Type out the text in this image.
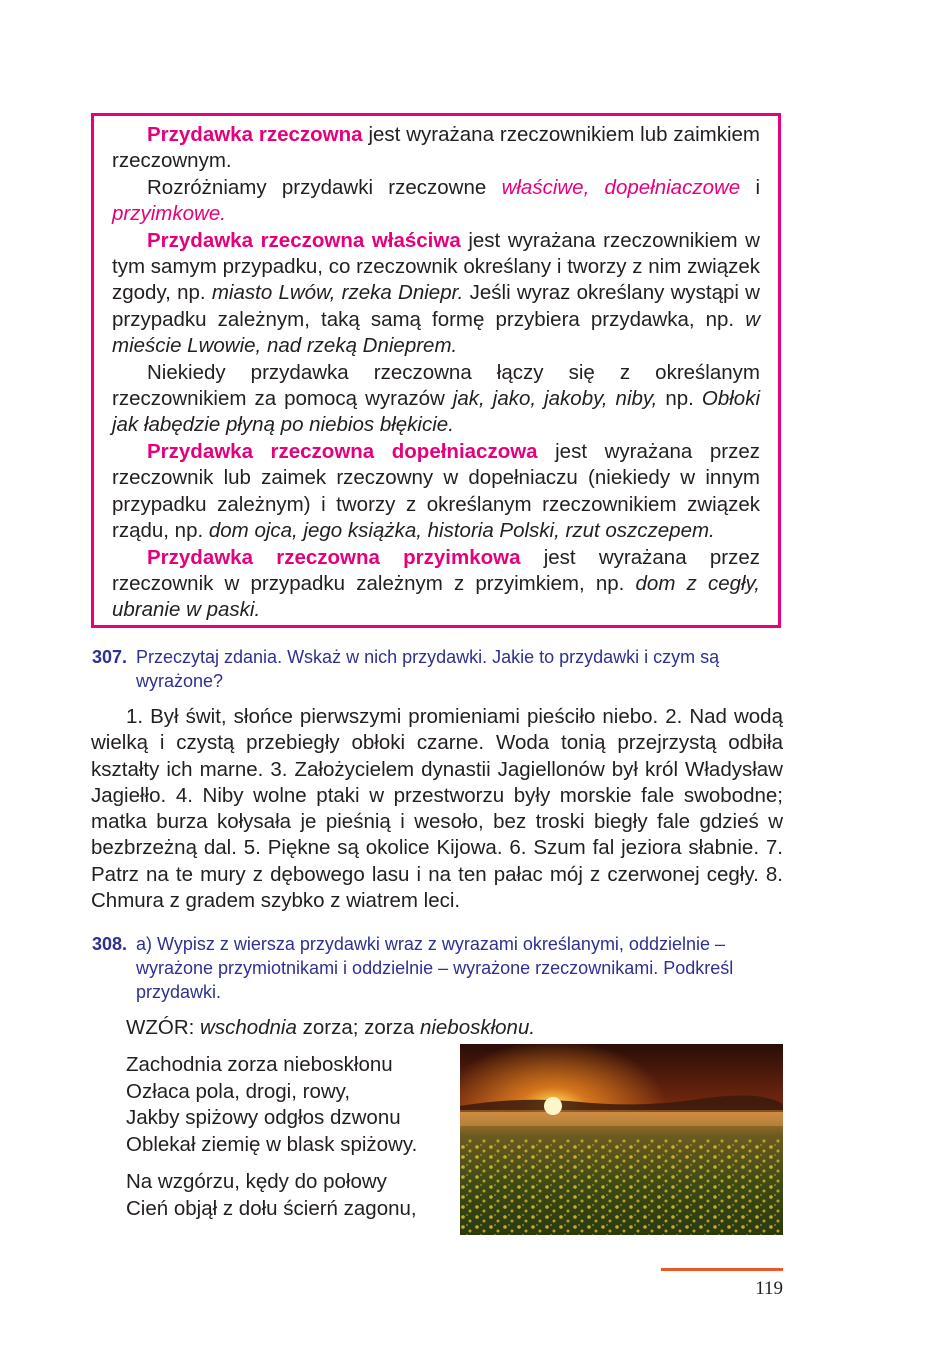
Przydawka rzeczowna jest wyrażana rzeczownikiem lub zaimkiem rzeczownym.

Rozróżniamy przydawki rzeczowne właściwe, dopełniaczowe i przyimkowe.

Przydawka rzeczowna właściwa jest wyrażana rzeczownikiem w tym samym przypadku, co rzeczownik określany i tworzy z nim związek zgody, np. miasto Lwów, rzeka Dniepr. Jeśli wyraz określany wystąpi w przypadku zależnym, taką samą formę przybiera przydawka, np. w mieście Lwowie, nad rzeką Dnieprem.

Niekiedy przydawka rzeczowna łączy się z określanym rzeczownikiem za pomocą wyrazów jak, jako, jakoby, niby, np. Obłoki jak łabędzie płyną po niebios błękicie.

Przydawka rzeczowna dopełniaczowa jest wyrażana przez rzeczownik lub zaimek rzeczowny w dopełniaczu (niekiedy w innym przypadku zależnym) i tworzy z określanym rzeczownikiem związek rządu, np. dom ojca, jego książka, historia Polski, rzut oszczepem.

Przydawka rzeczowna przyimkowa jest wyrażana przez rzeczownik w przypadku zależnym z przyimkiem, np. dom z cegły, ubranie w paski.

307. Przeczytaj zdania. Wskaż w nich przydawki. Jakie to przydawki i czym są wyrażone?

1. Był świt, słońce pierwszymi promieniami pieściło niebo. 2. Nad wodą wielką i czystą przebiegły obłoki czarne. Woda tonią przejrzystą odbiła kształty ich marne. 3. Założycielem dynastii Jagiellonów był król Władysław Jagiełło. 4. Niby wolne ptaki w przestworzu były morskie fale swobodne; matka burza kołysała je pieśnią i wesoło, bez troski biegły fale gdzieś w bezbrzeżną dal. 5. Piękne są okolice Kijowa. 6. Szum fal jeziora słabnie. 7. Patrz na te mury z dębowego lasu i na ten pałac mój z czerwonej cegły. 8. Chmura z gradem szybko z wiatrem leci.

308. a) Wypisz z wiersza przydawki wraz z wyrazami określanymi, oddzielnie – wyrażone przymiotnikami i oddzielnie – wyrażone rzeczownikami. Podkreśl przydawki.
WZÓR: wschodnia zorza; zorza nieboskłonu.
Zachodnia zorza nieboskłonu
Ozłaca pola, drogi, rowy,
Jakby spiżowy odgłos dzwonu
Oblekał ziemię w blask spiżowy.
Na wzgórzu, kędy do połowy
Cień objął z dołu ścierń zagonu,
119
